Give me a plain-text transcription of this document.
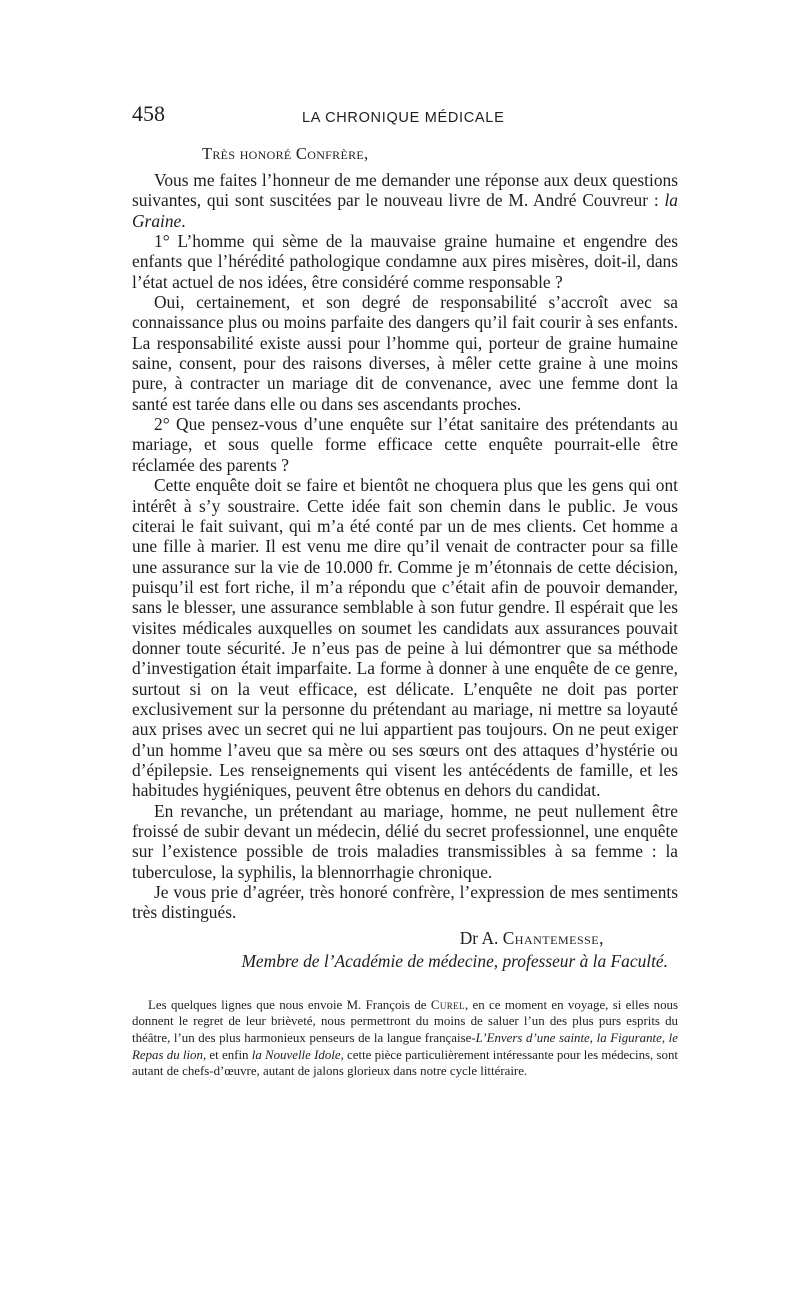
458	LA CHRONIQUE MÉDICALE
Très honoré Confrère,

Vous me faites l’honneur de me demander une réponse aux deux questions suivantes, qui sont suscitées par le nouveau livre de M. André Couvreur : la Graine.

1° L’homme qui sème de la mauvaise graine humaine et engendre des enfants que l’hérédité pathologique condamne aux pires misères, doit-il, dans l’état actuel de nos idées, être considéré comme responsable ?

Oui, certainement, et son degré de responsabilité s’accroît avec sa connaissance plus ou moins parfaite des dangers qu’il fait courir à ses enfants. La responsabilité existe aussi pour l’homme qui, porteur de graine humaine saine, consent, pour des raisons diverses, à mêler cette graine à une moins pure, à contracter un mariage dit de convenance, avec une femme dont la santé est tarée dans elle ou dans ses ascendants proches.

2° Que pensez-vous d’une enquête sur l’état sanitaire des prétendants au mariage, et sous quelle forme efficace cette enquête pourrait-elle être réclamée des parents ?

Cette enquête doit se faire et bientôt ne choquera plus que les gens qui ont intérêt à s’y soustraire. Cette idée fait son chemin dans le public. Je vous citerai le fait suivant, qui m’a été conté par un de mes clients. Cet homme a une fille à marier. Il est venu me dire qu’il venait de contracter pour sa fille une assurance sur la vie de 10.000 fr. Comme je m’étonnais de cette décision, puisqu’il est fort riche, il m’a répondu que c’était afin de pouvoir demander, sans le blesser, une assurance semblable à son futur gendre. Il espérait que les visites médicales auxquelles on soumet les candidats aux assurances pouvait donner toute sécurité. Je n’eus pas de peine à lui démontrer que sa méthode d’investigation était imparfaite. La forme à donner à une enquête de ce genre, surtout si on la veut efficace, est délicate. L’enquête ne doit pas porter exclusivement sur la personne du prétendant au mariage, ni mettre sa loyauté aux prises avec un secret qui ne lui appartient pas toujours. On ne peut exiger d’un homme l’aveu que sa mère ou ses sœurs ont des attaques d’hystérie ou d’épilepsie. Les renseignements qui visent les antécédents de famille, et les habitudes hygiéniques, peuvent être obtenus en dehors du candidat.

En revanche, un prétendant au mariage, homme, ne peut nullement être froissé de subir devant un médecin, délié du secret professionnel, une enquête sur l’existence possible de trois maladies transmissibles à sa femme : la tuberculose, la syphilis, la blennorrhagie chronique.

Je vous prie d’agréer, très honoré confrère, l’expression de mes sentiments très distingués.

Dr A. Chantemesse,
Membre de l’Académie de médecine, professeur à la Faculté.

Les quelques lignes que nous envoie M. François de Curel, en ce moment en voyage, si elles nous donnent le regret de leur brièveté, nous permettront du moins de saluer l’un des plus purs esprits du théâtre, l’un des plus harmonieux penseurs de la langue française-L’Envers d’une sainte, la Figurante, le Repas du lion, et enfin la Nouvelle Idole, cette pièce particulièrement intéressante pour les médecins, sont autant de chefs-d’œuvre, autant de jalons glorieux dans notre cycle littéraire.
